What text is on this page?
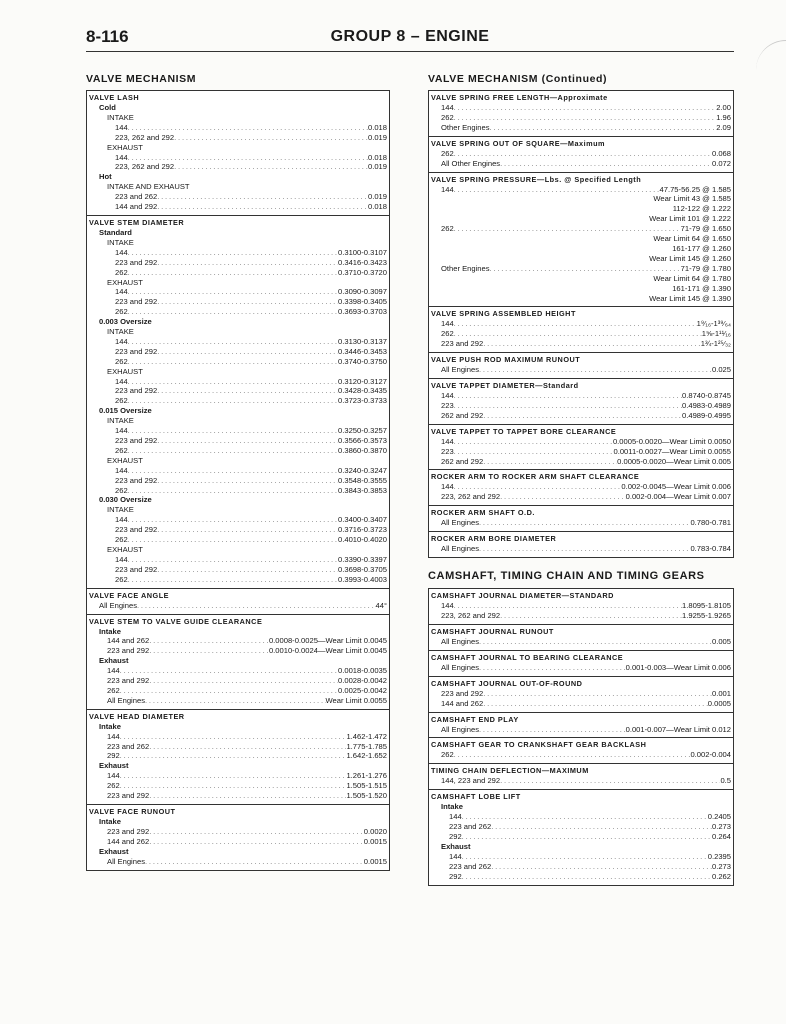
8-116	GROUP 8 – ENGINE
VALVE MECHANISM
VALVE LASH
Cold
INTAKE
144 .....	0.018
223, 262 and 292 .....	0.019
EXHAUST
144 .....	0.018
223, 262 and 292 .....	0.019
Hot
INTAKE AND EXHAUST
223 and 262 .....	0.019
144 and 292 .....	0.018
VALVE STEM DIAMETER
Standard
INTAKE
144 .....	0.3100-0.3107
223 and 292 .....	0.3416-0.3423
262 .....	0.3710-0.3720
EXHAUST
144 .....	0.3090-0.3097
223 and 292 .....	0.3398-0.3405
262 .....	0.3693-0.3703
0.003 Oversize
INTAKE
144 .....	0.3130-0.3137
223 and 292 .....	0.3446-0.3453
262 .....	0.3740-0.3750
EXHAUST
144 .....	0.3120-0.3127
223 and 292 .....	0.3428-0.3435
262 .....	0.3723-0.3733
0.015 Oversize
INTAKE
144 .....	0.3250-0.3257
223 and 292 .....	0.3566-0.3573
262 .....	0.3860-0.3870
EXHAUST
144 .....	0.3240-0.3247
223 and 292 .....	0.3548-0.3555
262 .....	0.3843-0.3853
0.030 Oversize
INTAKE
144 .....	0.3400-0.3407
223 and 292 .....	0.3716-0.3723
262 .....	0.4010-0.4020
EXHAUST
144 .....	0.3390-0.3397
223 and 292 .....	0.3698-0.3705
262 .....	0.3993-0.4003
VALVE FACE ANGLE
All Engines .....	44°
VALVE STEM TO VALVE GUIDE CLEARANCE
Intake
144 and 262 .....	0.0008-0.0025—Wear Limit 0.0045
223 and 292 .....	0.0010-0.0024—Wear Limit 0.0045
Exhaust
144 .....	0.0018-0.0035
223 and 292 .....	0.0028-0.0042
262 .....	0.0025-0.0042
All Engines .....	Wear Limit 0.0055
VALVE HEAD DIAMETER
Intake
144 .....	1.462-1.472
223 and 262 .....	1.775-1.785
292 .....	1.642-1.652
Exhaust
144 .....	1.261-1.276
262 .....	1.505-1.515
223 and 292 .....	1.505-1.520
VALVE FACE RUNOUT
Intake
223 and 292 .....	0.0020
144 and 262 .....	0.0015
Exhaust
All Engines .....	0.0015
VALVE MECHANISM (Continued)
VALVE SPRING FREE LENGTH—Approximate
144 .....	2.00
262 .....	1.96
Other Engines .....	2.09
VALVE SPRING OUT OF SQUARE—Maximum
262 .....	0.068
All Other Engines .....	0.072
VALVE SPRING PRESSURE—Lbs. @ Specified Length
144 .....	47.75-56.25 @ 1.585
Wear Limit 43 @ 1.585
112-122 @ 1.222
Wear Limit 101 @ 1.222
262 .....	71-79 @ 1.650
Wear Limit 64 @ 1.650
161-177 @ 1.260
Wear Limit 145 @ 1.260
Other Engines .....	71-79 @ 1.780
Wear Limit 64 @ 1.780
161-171 @ 1.390
Wear Limit 145 @ 1.390
VALVE SPRING ASSEMBLED HEIGHT
144 .....	1⁹⁄₁₆-1³⁹⁄₆₄
262 .....	1⅝-1¹¹⁄₁₆
223 and 292 .....	1¾-1²⁵⁄₃₂
VALVE PUSH ROD MAXIMUM RUNOUT
All Engines .....	0.025
VALVE TAPPET DIAMETER—Standard
144 .....	0.8740-0.8745
223 .....	0.4983-0.4989
262 and 292 .....	0.4989-0.4995
VALVE TAPPET TO TAPPET BORE CLEARANCE
144 .....	0.0005-0.0020—Wear Limit 0.0050
223 .....	0.0011-0.0027—Wear Limit 0.0055
262 and 292 .....	0.0005-0.0020—Wear Limit 0.005
ROCKER ARM TO ROCKER ARM SHAFT CLEARANCE
144 .....	0.002-0.0045—Wear Limit 0.006
223, 262 and 292 .....	0.002-0.004—Wear Limit 0.007
ROCKER ARM SHAFT O.D.
All Engines .....	0.780-0.781
ROCKER ARM BORE DIAMETER
All Engines .....	0.783-0.784
CAMSHAFT, TIMING CHAIN AND TIMING GEARS
CAMSHAFT JOURNAL DIAMETER—STANDARD
144 .....	1.8095-1.8105
223, 262 and 292 .....	1.9255-1.9265
CAMSHAFT JOURNAL RUNOUT
All Engines .....	0.005
CAMSHAFT JOURNAL TO BEARING CLEARANCE
All Engines .....	0.001-0.003—Wear Limit 0.006
CAMSHAFT JOURNAL OUT-OF-ROUND
223 and 292 .....	0.001
144 and 262 .....	0.0005
CAMSHAFT END PLAY
All Engines .....	0.001-0.007—Wear Limit 0.012
CAMSHAFT GEAR TO CRANKSHAFT GEAR BACKLASH
262 .....	0.002-0.004
TIMING CHAIN DEFLECTION—MAXIMUM
144, 223 and 292 .....	0.5
CAMSHAFT LOBE LIFT
Intake
144 .....	0.2405
223 and 262 .....	0.273
292 .....	0.264
Exhaust
144 .....	0.2395
223 and 262 .....	0.273
292 .....	0.262
